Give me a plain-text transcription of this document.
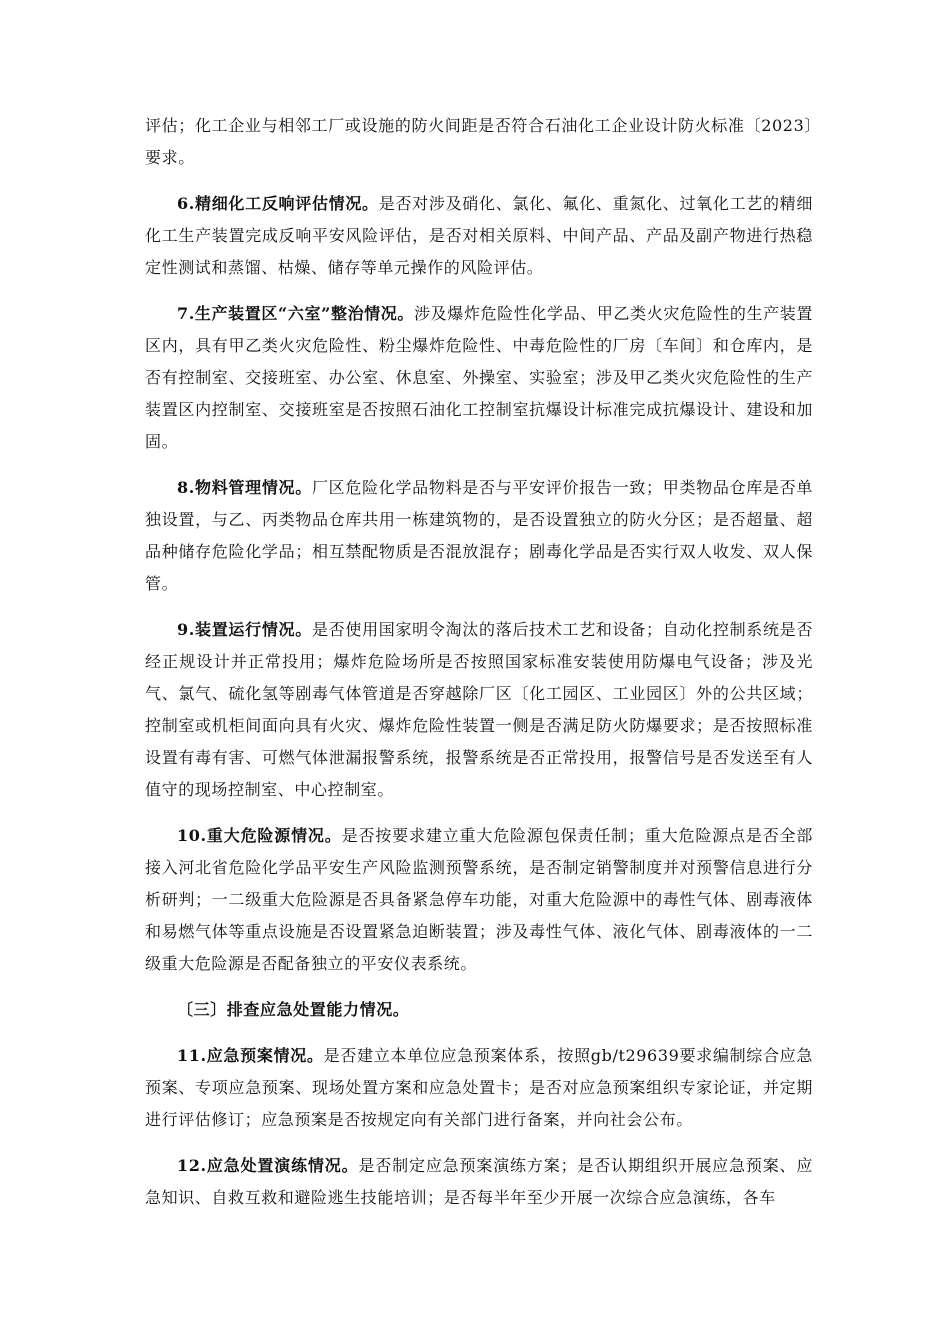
评估；化工企业与相邻工厂或设施的防火间距是否符合石油化工企业设计防火标准〔2023〕要求。

6.精细化工反响评估情况。是否对涉及硝化、氯化、氟化、重氮化、过氧化工艺的精细化工生产装置完成反响平安风险评估，是否对相关原料、中间产品、产品及副产物进行热稳定性测试和蒸馏、枯燥、储存等单元操作的风险评估。

7.生产装置区“六室”整治情况。涉及爆炸危险性化学品、甲乙类火灾危险性的生产装置区内，具有甲乙类火灾危险性、粉尘爆炸危险性、中毒危险性的厂房〔车间〕和仓库内，是否有控制室、交接班室、办公室、休息室、外操室、实验室；涉及甲乙类火灾危险性的生产装置区内控制室、交接班室是否按照石油化工控制室抗爆设计标准完成抗爆设计、建设和加固。

8.物料管理情况。厂区危险化学品物料是否与平安评价报告一致；甲类物品仓库是否单独设置，与乙、丙类物品仓库共用一栋建筑物的，是否设置独立的防火分区；是否超量、超品种储存危险化学品；相互禁配物质是否混放混存；剧毒化学品是否实行双人收发、双人保管。

9.装置运行情况。是否使用国家明令淘汰的落后技术工艺和设备；自动化控制系统是否经正规设计并正常投用；爆炸危险场所是否按照国家标准安装使用防爆电气设备；涉及光气、氯气、硫化氢等剧毒气体管道是否穿越除厂区〔化工园区、工业园区〕外的公共区域；控制室或机柜间面向具有火灾、爆炸危险性装置一侧是否满足防火防爆要求；是否按照标准设置有毒有害、可燃气体泄漏报警系统，报警系统是否正常投用，报警信号是否发送至有人值守的现场控制室、中心控制室。

10.重大危险源情况。是否按要求建立重大危险源包保责任制；重大危险源点是否全部接入河北省危险化学品平安生产风险监测预警系统，是否制定销警制度并对预警信息进行分析研判；一二级重大危险源是否具备紧急停车功能，对重大危险源中的毒性气体、剧毒液体和易燃气体等重点设施是否设置紧急迫断装置；涉及毒性气体、液化气体、剧毒液体的一二级重大危险源是否配备独立的平安仪表系统。

〔三〕排查应急处置能力情况。

11.应急预案情况。是否建立本单位应急预案体系，按照gb/t29639要求编制综合应急预案、专项应急预案、现场处置方案和应急处置卡；是否对应急预案组织专家论证，并定期进行评估修订；应急预案是否按规定向有关部门进行备案，并向社会公布。

12.应急处置演练情况。是否制定应急预案演练方案；是否认期组织开展应急预案、应急知识、自救互救和避险逃生技能培训；是否每半年至少开展一次综合应急演练，各车
